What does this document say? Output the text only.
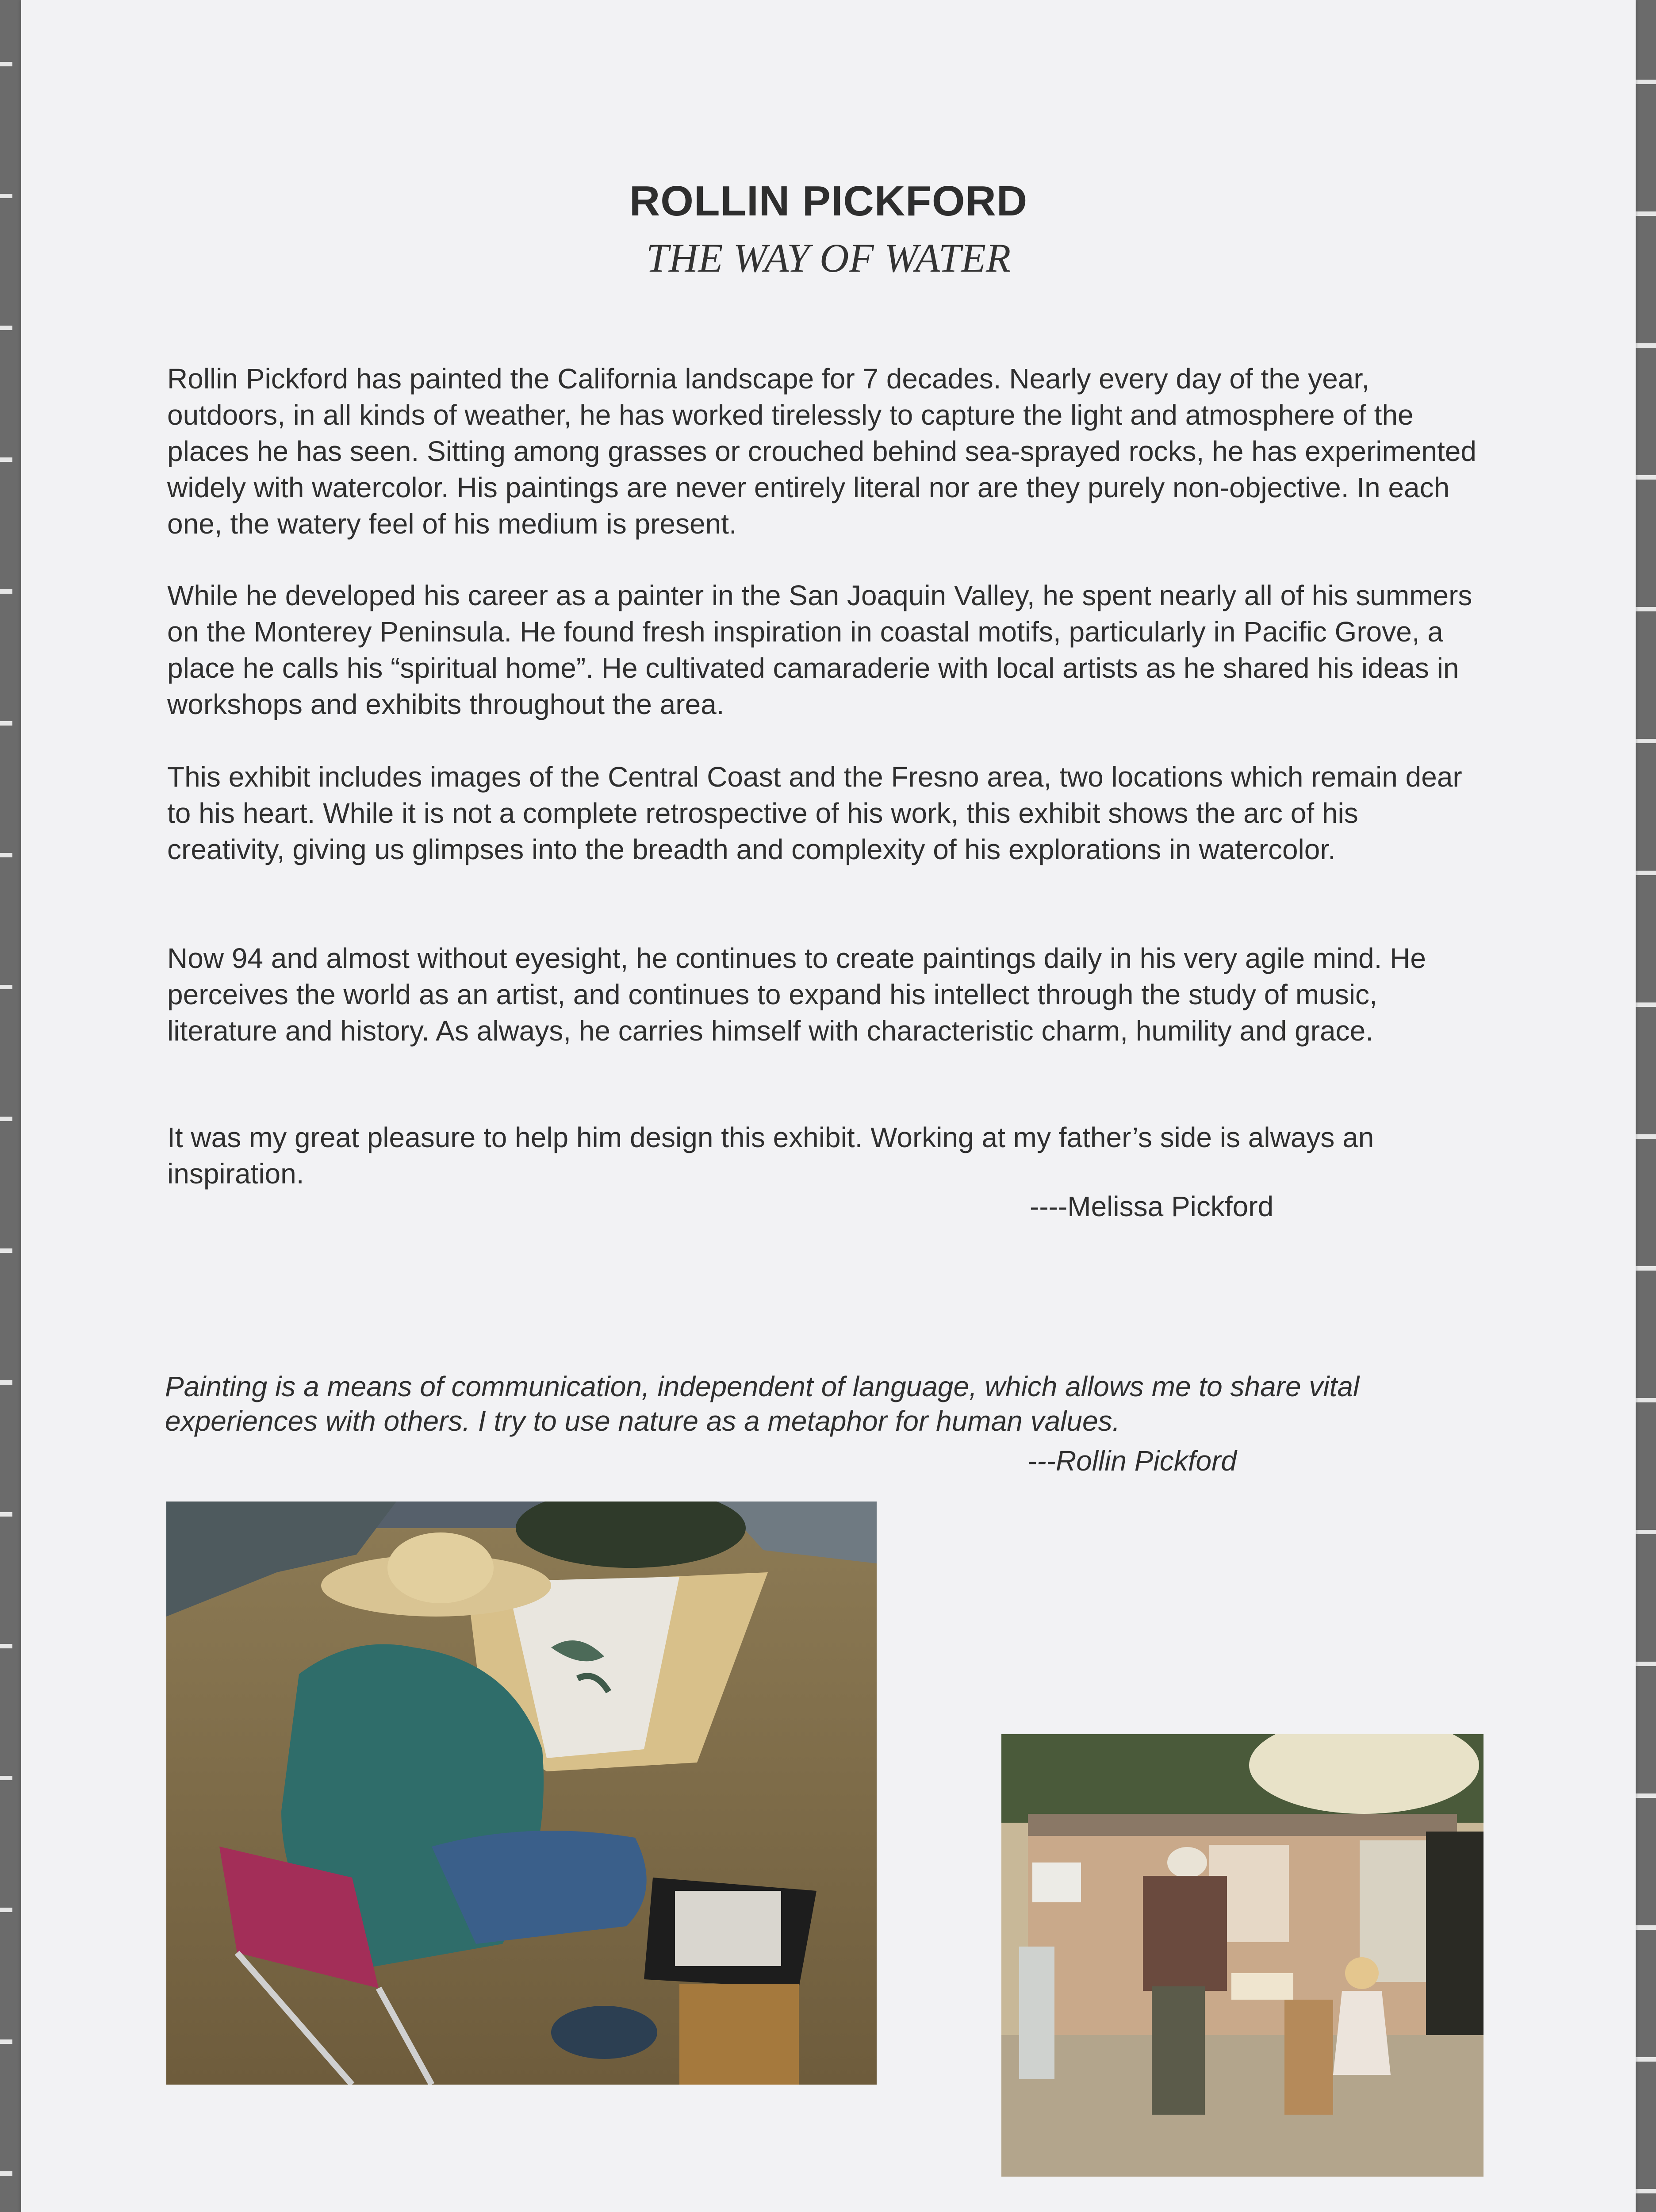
ROLLIN PICKFORD
THE WAY OF WATER

Rollin Pickford has painted the California landscape for 7 decades. Nearly every day of the year, outdoors, in all kinds of weather, he has worked tirelessly to capture the light and atmosphere of the places he has seen. Sitting among grasses or crouched behind sea-sprayed rocks, he has experimented widely with watercolor. His paintings are never entirely literal nor are they purely non-objective. In each one, the watery feel of his medium is present.

While he developed his career as a painter in the San Joaquin Valley, he spent nearly all of his summers on the Monterey Peninsula. He found fresh inspiration in coastal motifs, particularly in Pacific Grove, a place he calls his “spiritual home”. He cultivated camaraderie with local artists as he shared his ideas in workshops and exhibits throughout the area.

This exhibit includes images of the Central Coast and the Fresno area, two locations which remain dear to his heart. While it is not a complete retrospective of his work, this exhibit shows the arc of his creativity, giving us glimpses into the breadth and complexity of his explorations in watercolor.

Now 94 and almost without eyesight, he continues to create paintings daily in his very agile mind. He perceives the world as an artist, and continues to expand his intellect through the study of music, literature and history. As always, he carries himself with characteristic charm, humility and grace.

It was my great pleasure to help him design this exhibit. Working at my father’s side is always an inspiration.

----Melissa Pickford

Painting is a means of communication, independent of language, which allows me to share vital experiences with others. I try to use nature as a metaphor for human values.

---Rollin Pickford
